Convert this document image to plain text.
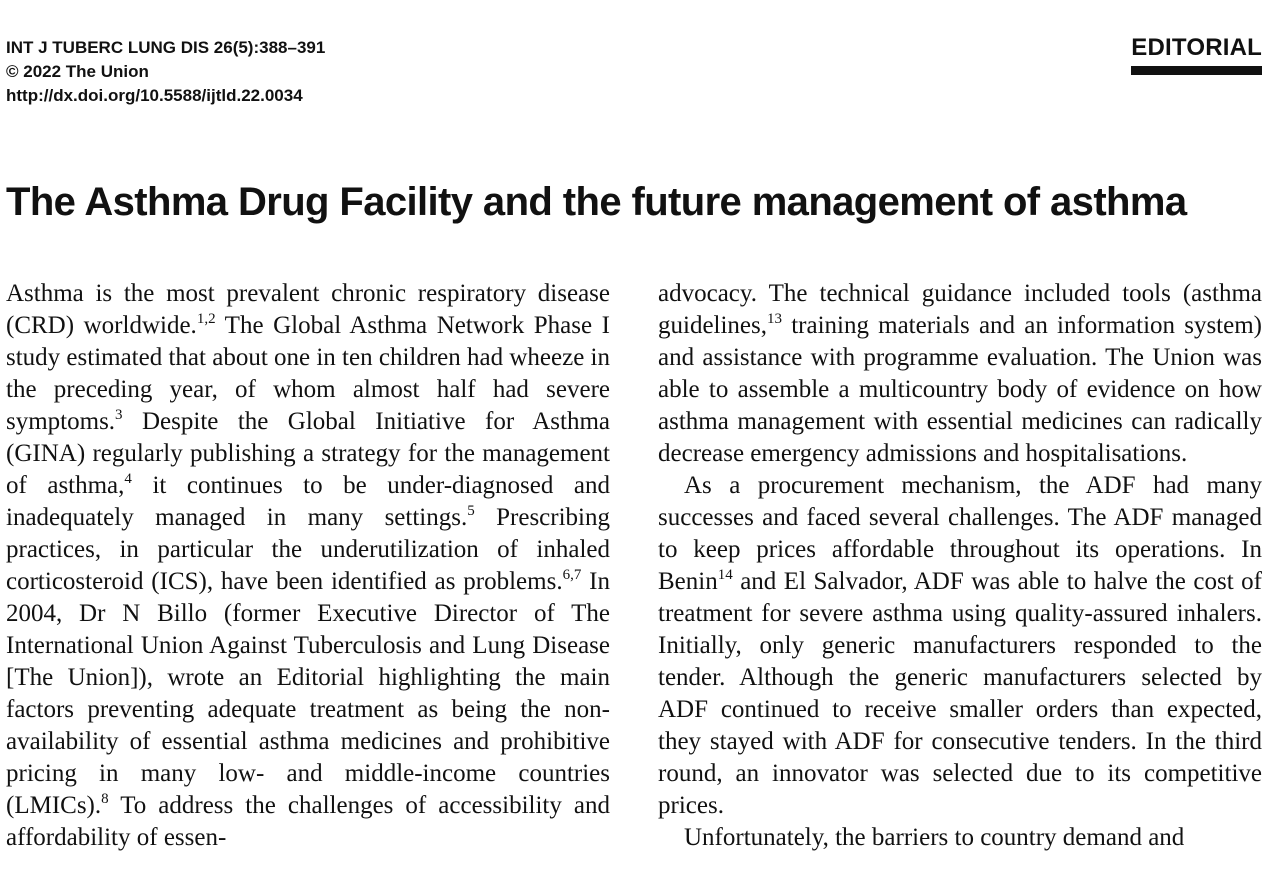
INT J TUBERC LUNG DIS 26(5):388–391
© 2022 The Union
http://dx.doi.org/10.5588/ijtld.22.0034
EDITORIAL
The Asthma Drug Facility and the future management of asthma

Asthma is the most prevalent chronic respiratory disease (CRD) worldwide.$^{1,2}$ The Global Asthma Network Phase I study estimated that about one in ten children had wheeze in the preceding year, of whom almost half had severe symptoms.$^3$ Despite the Global Initiative for Asthma (GINA) regularly publishing a strategy for the management of asthma,$^4$ it continues to be under-diagnosed and inadequately managed in many settings.$^5$ Prescribing practices, in particular the underutilization of inhaled corticosteroid (ICS), have been identified as problems.$^{6,7}$ In 2004, Dr N Billo (former Executive Director of The International Union Against Tuberculosis and Lung Disease [The Union]), wrote an Editorial highlighting the main factors preventing adequate treatment as being the non-availability of essential asthma medicines and prohibitive pricing in many low- and middle-income countries (LMICs).$^8$ To address the challenges of accessibility and affordability of essen-

advocacy. The technical guidance included tools (asthma guidelines,$^{13}$ training materials and an information system) and assistance with programme evaluation. The Union was able to assemble a multicountry body of evidence on how asthma management with essential medicines can radically decrease emergency admissions and hospitalisations.

As a procurement mechanism, the ADF had many successes and faced several challenges. The ADF managed to keep prices affordable throughout its operations. In Benin$^{14}$ and El Salvador, ADF was able to halve the cost of treatment for severe asthma using quality-assured inhalers. Initially, only generic manufacturers responded to the tender. Although the generic manufacturers selected by ADF continued to receive smaller orders than expected, they stayed with ADF for consecutive tenders. In the third round, an innovator was selected due to its competitive prices.

Unfortunately, the barriers to country demand and
